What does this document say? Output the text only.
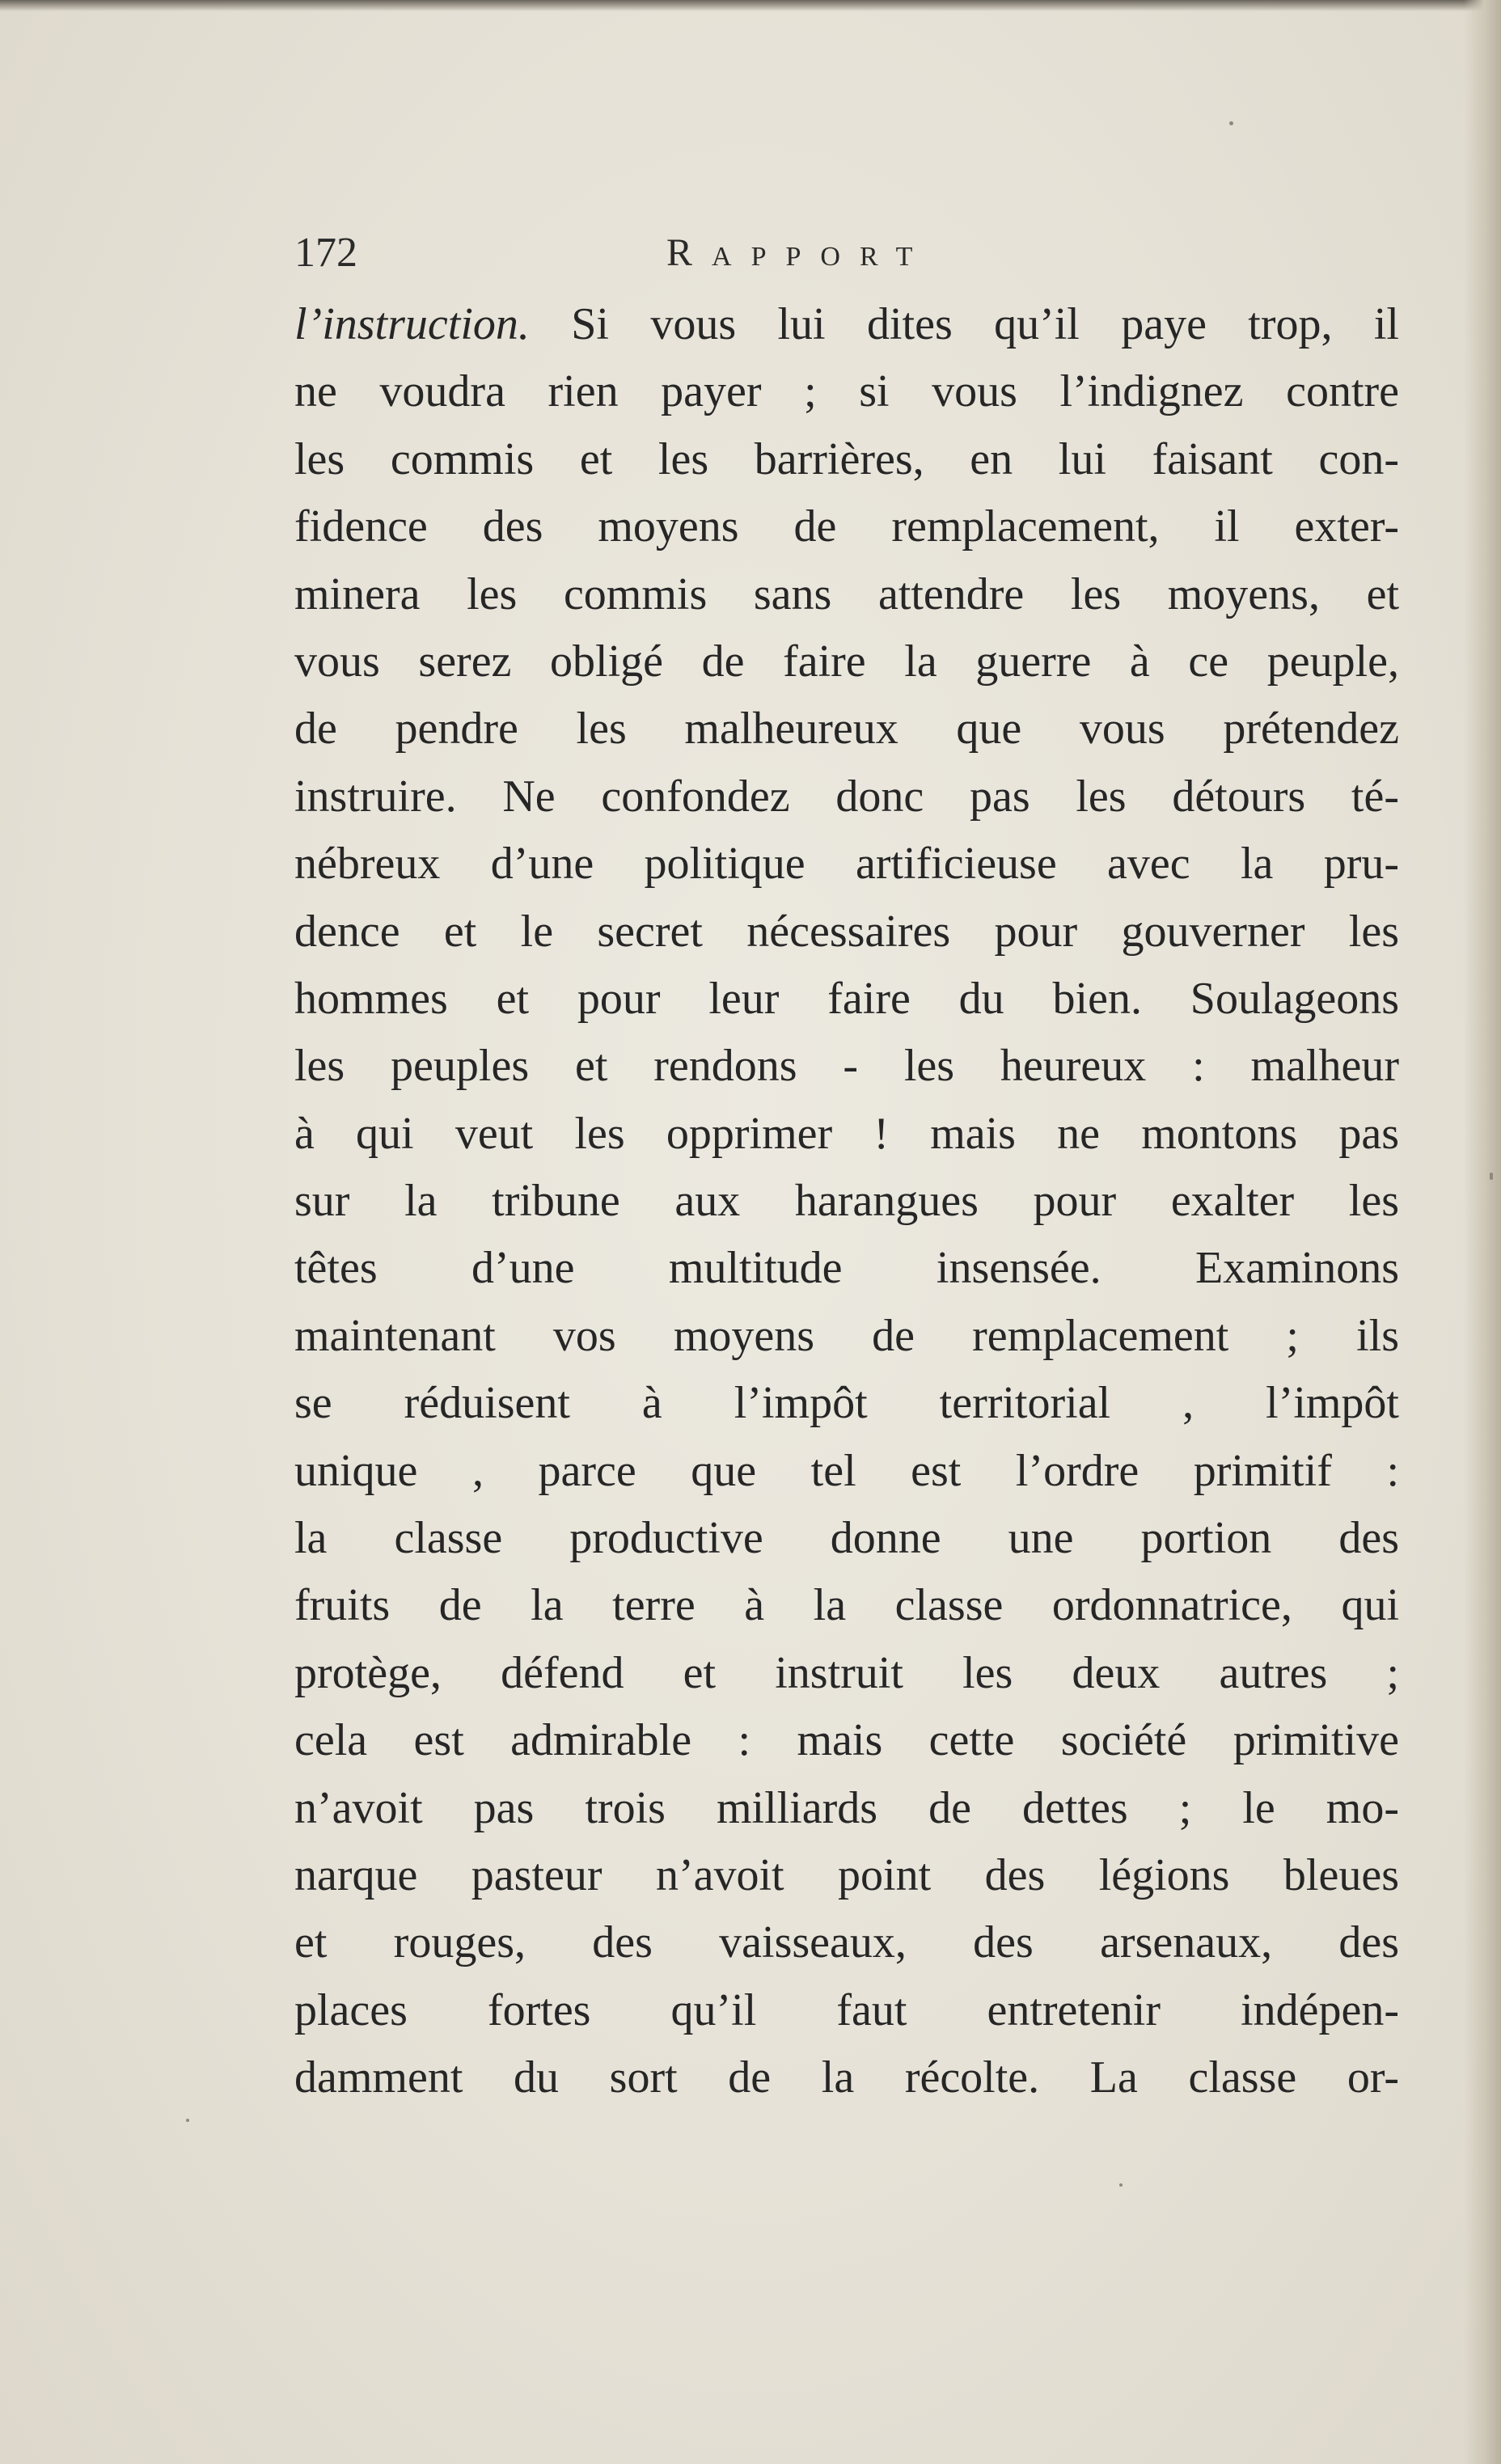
172	Rapport
l’instruction. Si vous lui dites qu’il paye trop, il
ne voudra rien payer ; si vous l’indignez contre
les commis et les barrières, en lui faisant con-
fidence des moyens de remplacement, il exter-
minera les commis sans attendre les moyens, et
vous serez obligé de faire la guerre à ce peuple,
de pendre les malheureux que vous prétendez
instruire. Ne confondez donc pas les détours té-
nébreux d’une politique artificieuse avec la pru-
dence et le secret nécessaires pour gouverner les
hommes et pour leur faire du bien. Soulageons
les peuples et rendons - les heureux : malheur
à qui veut les opprimer ! mais ne montons pas
sur la tribune aux harangues pour exalter les
têtes d’une multitude insensée. Examinons
maintenant vos moyens de remplacement ; ils
se réduisent à l’impôt territorial , l’impôt
unique , parce que tel est l’ordre primitif :
la classe productive donne une portion des
fruits de la terre à la classe ordonnatrice, qui
protège, défend et instruit les deux autres ;
cela est admirable : mais cette société primitive
n’avoit pas trois milliards de dettes ; le mo-
narque pasteur n’avoit point des légions bleues
et rouges, des vaisseaux, des arsenaux, des
places fortes qu’il faut entretenir indépen-
damment du sort de la récolte. La classe or-
